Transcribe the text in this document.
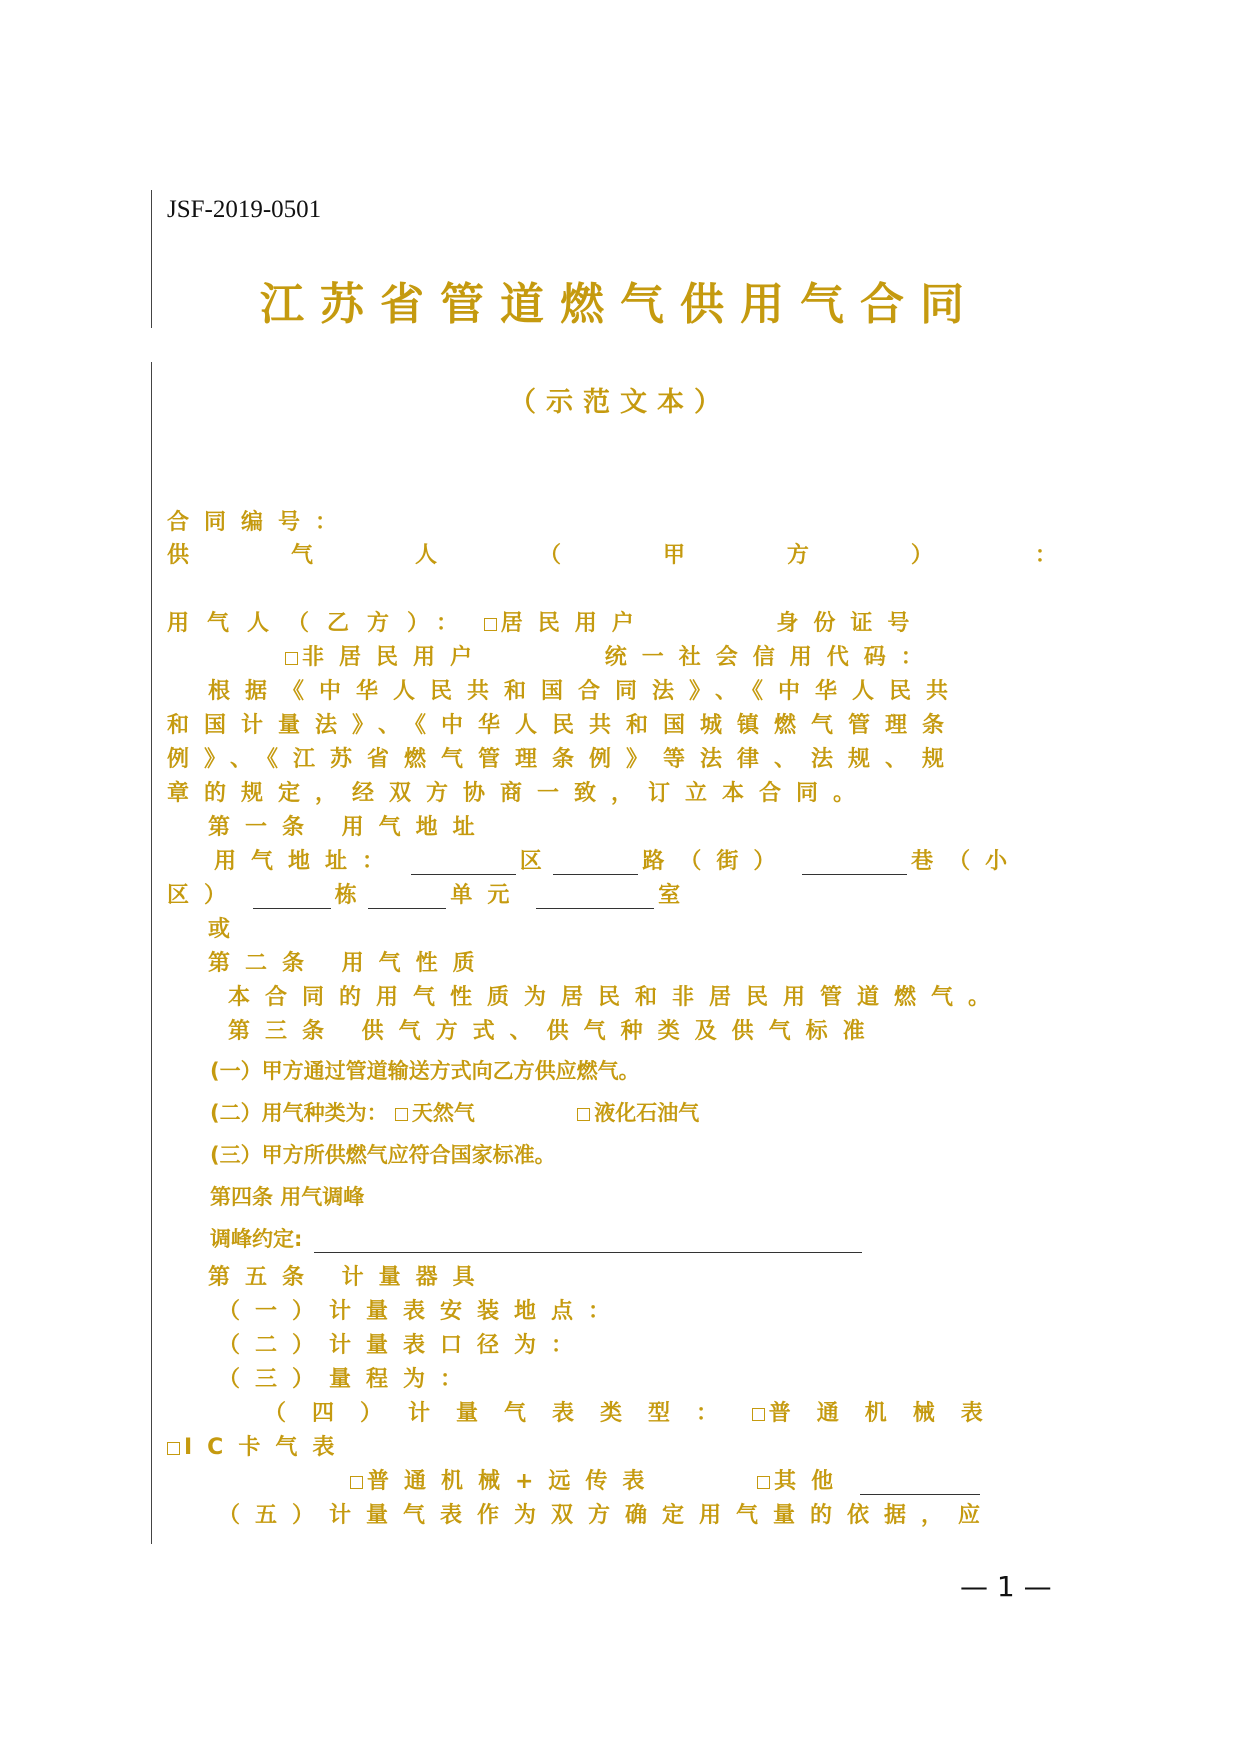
JSF-2019-0501
江苏省管道燃气供用气合同
（示范文本）
合同编号：
供	气	人	（	甲	方	）	：
用气人（乙方）： 居民用户	身份证号
非居民用户	统一社会信用代码：
根据《中华人民共和国合同法》、《中华人民共
和国计量法》、《中华人民共和国城镇燃气管理条
例》、《江苏省燃气管理条例》等法律、法规、规
章的规定，经双方协商一致，订立本合同。
第一条 用气地址
用气地址：	区	路（街）	巷（小
区）	栋	单元	室
或
第二条 用气性质
本合同的用气性质为居民和非居民用管道燃气。
第三条 供气方式、供气种类及供气标准
(一）甲方通过管道输送方式向乙方供应燃气。
(二）用气种类为： 天然气	液化石油气
(三）甲方所供燃气应符合国家标准。
第四条 用气调峰
调峰约定:
第五条 计量器具
（一）计量表安装地点：
（二）计量表口径为：
（三）量程为：
（四）计量气表类型： 普通机械表
IC卡气表
普通机械+远传表	其他
（五）计量气表作为双方确定用气量的依据，应
— 1 —
